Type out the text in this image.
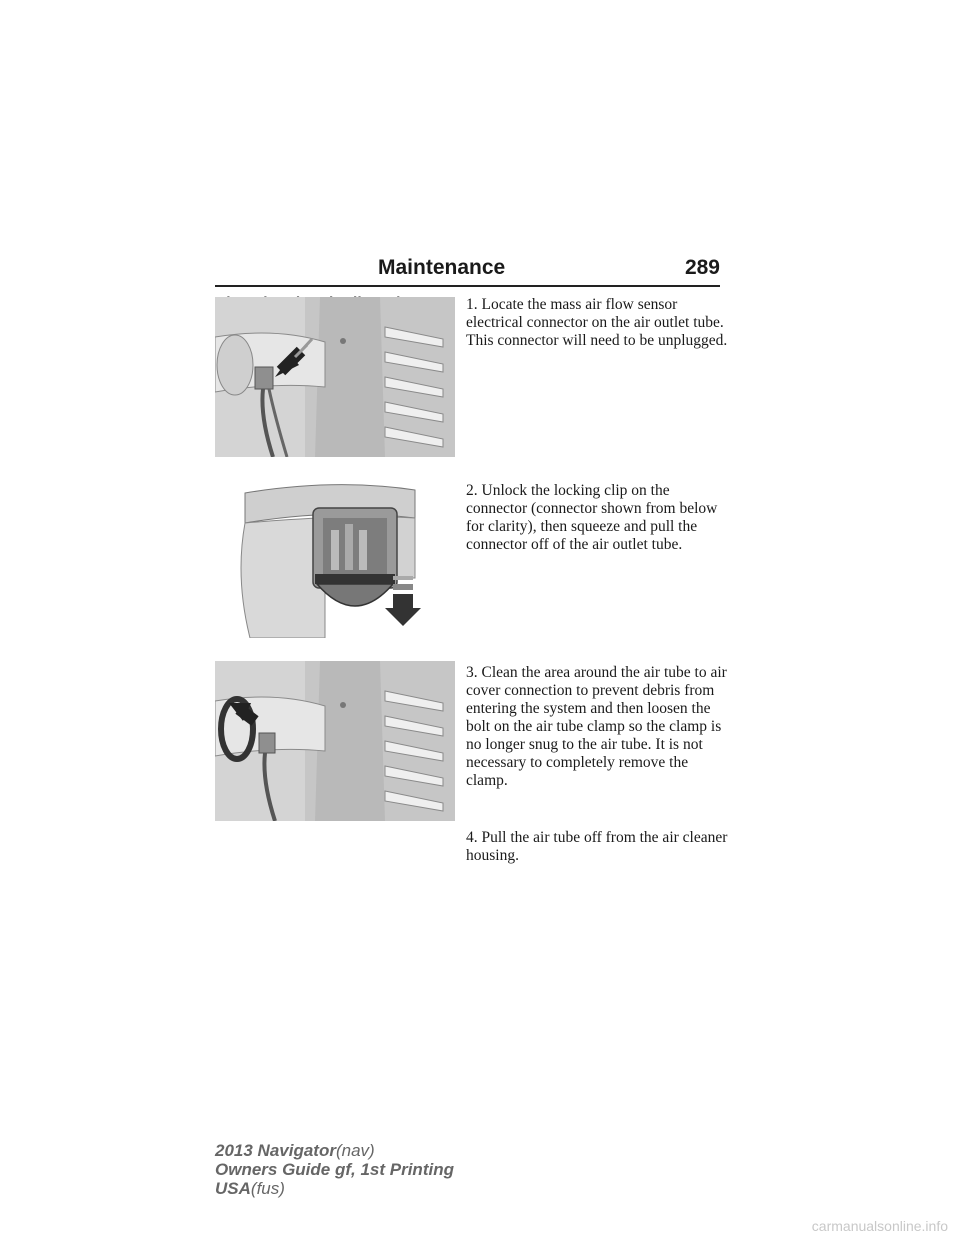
Maintenance	289

1. Locate the mass air flow sensor electrical connector on the air outlet tube. This connector will need to be unplugged.

2. Unlock the locking clip on the connector (connector shown from below for clarity), then squeeze and pull the connector off of the air outlet tube.

3. Clean the area around the air tube to air cover connection to prevent debris from entering the system and then loosen the bolt on the air tube clamp so the clamp is no longer snug to the air tube. It is not necessary to completely remove the clamp.

4. Pull the air tube off from the air cleaner housing.

2013 Navigator(nav)
Owners Guide gf, 1st Printing
USA(fus)
carmanualsonline.info
